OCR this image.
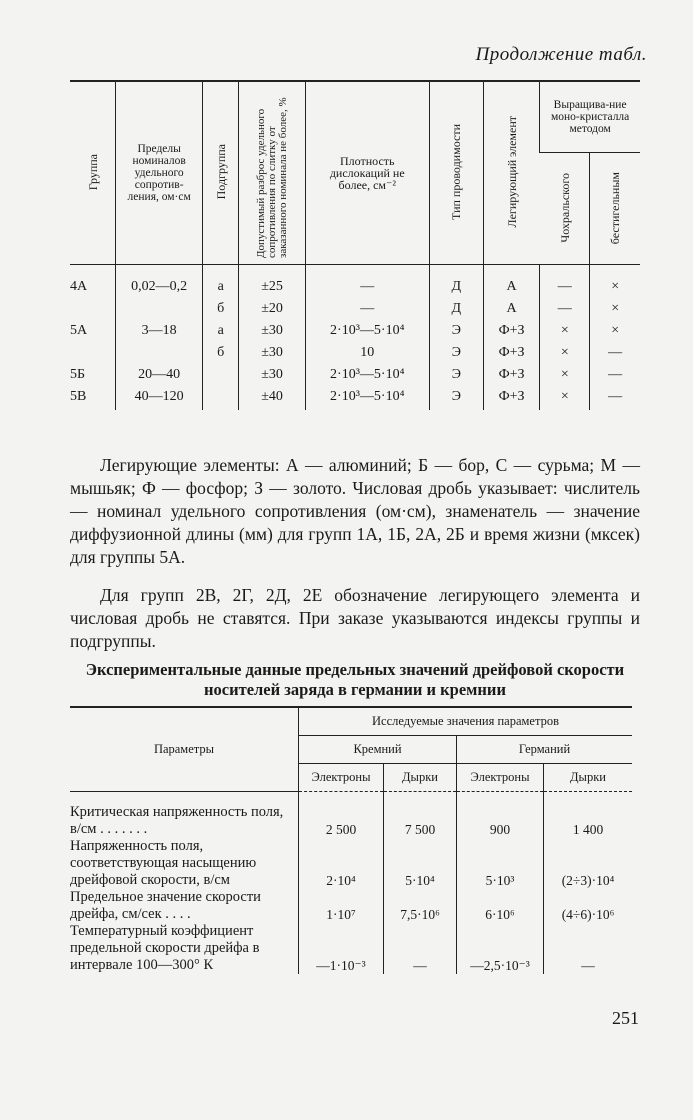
Продолжение табл.
Группа	Пределы номиналов удельного сопротив-ления, ом·см	Подгруппа	Допустимый разброс удельного сопротивления по слитку от заказанного номинала не более, %	Плотность дислокаций не более, см⁻²	Тип проводимости	Легирующий элемент	Выращива-ние моно-кристалла методом	

							Чохральского	бестигельным
4А	0,02—0,2	а	±25	—	Д	А	—	×
		б	±20	—	Д	А	—	×
5А	3—18	а	±30	2·10³—5·10⁴	Э	Ф+З	×	×
		б	±30	10	Э	Ф+З	×	—
5Б	20—40		±30	2·10³—5·10⁴	Э	Ф+З	×	—
5В	40—120		±40	2·10³—5·10⁴	Э	Ф+З	×	—

Легирующие элементы: А — алюминий; Б — бор, С — сурьма; М — мышьяк; Ф — фосфор; З — золото. Числовая дробь указывает: числитель — номинал удельного сопротивления (ом·см), знаменатель — значение диффузионной длины (мм) для групп 1А, 1Б, 2А, 2Б и время жизни (мксек) для группы 5А.

Для групп 2В, 2Г, 2Д, 2Е обозначение легирующего элемента и числовая дробь не ставятся. При заказе указываются индексы группы и подгруппы.

Экспериментальные данные предельных значений дрейфовой скорости носителей заряда в германии и кремнии
Параметры	Исследуемые значения параметров			
	Кремний		Германий	
	Электроны	Дырки	Электроны	Дырки
Критическая напряженность поля, в/см . . . . . . .	2 500	7 500	900	1 400
Напряженность поля, соответствующая насыщению дрейфовой скорости, в/см	2·10⁴	5·10⁴	5·10³	(2÷3)·10⁴
Предельное значение скорости дрейфа, см/сек . . . .	1·10⁷	7,5·10⁶	6·10⁶	(4÷6)·10⁶
Температурный коэффициент предельной скорости дрейфа в интервале 100—300° К	—1·10⁻³	—	—2,5·10⁻³	—
251
